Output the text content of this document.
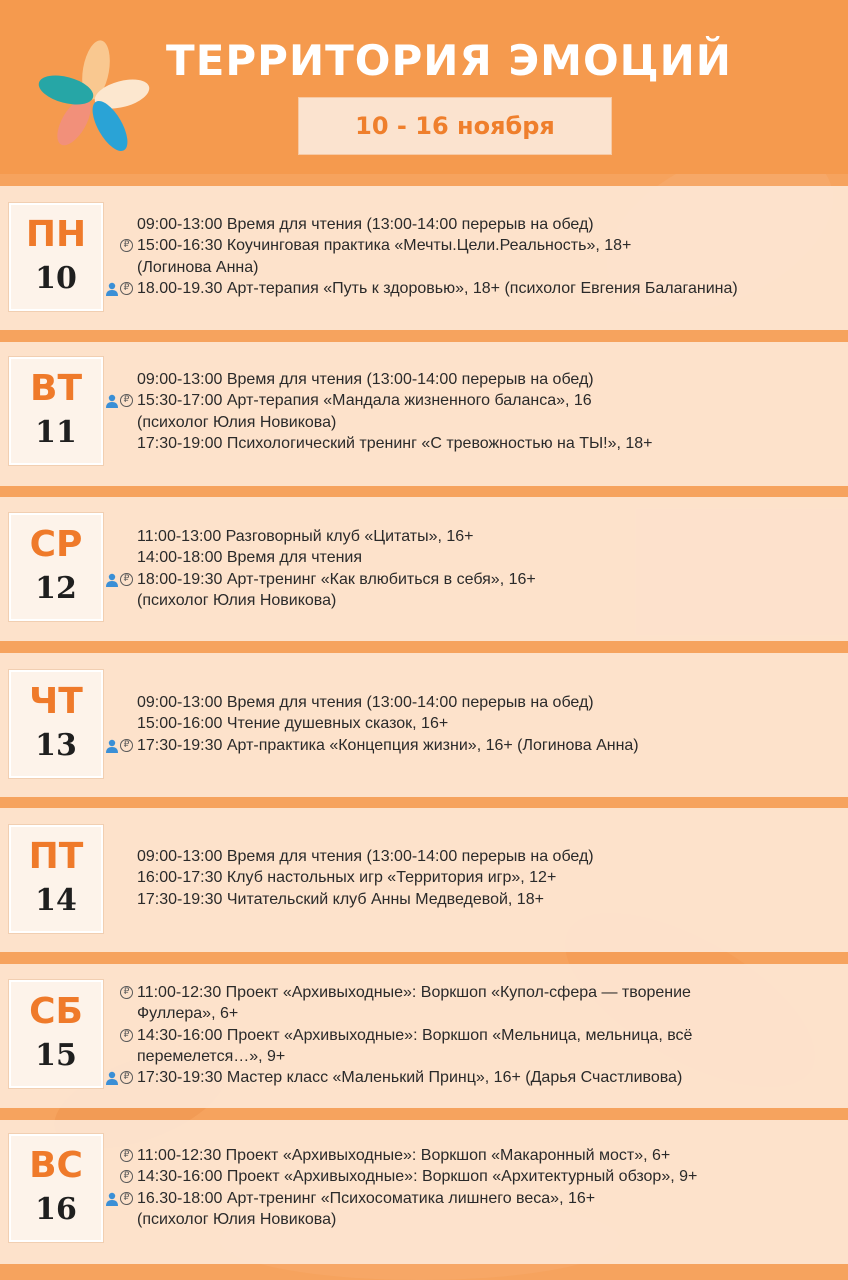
ТЕРРИТОРИЯ ЭМОЦИЙ
10 - 16 ноября
ПН
10
09:00-13:00 Время для чтения (13:00-14:00 перерыв на обед)
₽ 15:00-16:30 Коучинговая практика «Мечты.Цели.Реальность», 18+
(Логинова Анна)
₽ 18.00-19.30 Арт-терапия «Путь к здоровью», 18+ (психолог Евгения Балаганина)
ВТ
11
09:00-13:00 Время для чтения (13:00-14:00 перерыв на обед)
₽ 15:30-17:00 Арт-терапия «Мандала жизненного баланса», 16
(психолог Юлия Новикова)
17:30-19:00 Психологический тренинг «С тревожностью на ТЫ!», 18+
СР
12
11:00-13:00 Разговорный клуб «Цитаты», 16+
14:00-18:00 Время для чтения
₽ 18:00-19:30 Арт-тренинг «Как влюбиться в себя», 16+
(психолог Юлия Новикова)
ЧТ
13
09:00-13:00 Время для чтения (13:00-14:00 перерыв на обед)
15:00-16:00 Чтение душевных сказок, 16+
₽ 17:30-19:30 Арт-практика «Концепция жизни», 16+ (Логинова Анна)
ПТ
14
09:00-13:00 Время для чтения (13:00-14:00 перерыв на обед)
16:00-17:30 Клуб настольных игр «Территория игр», 12+
17:30-19:30 Читательский клуб Анны Медведевой, 18+
СБ
15
₽ 11:00-12:30 Проект «Архивыходные»: Воркшоп «Купол-сфера — творение
Фуллера», 6+
₽ 14:30-16:00 Проект «Архивыходные»: Воркшоп «Мельница, мельница, всё
перемелется…», 9+
₽ 17:30-19:30 Мастер класс «Маленький Принц», 16+ (Дарья Счастливова)
ВС
16
₽ 11:00-12:30 Проект «Архивыходные»: Воркшоп «Макаронный мост», 6+
₽ 14:30-16:00 Проект «Архивыходные»: Воркшоп «Архитектурный обзор», 9+
₽ 16.30-18:00 Арт-тренинг «Психосоматика лишнего веса», 16+
(психолог Юлия Новикова)
